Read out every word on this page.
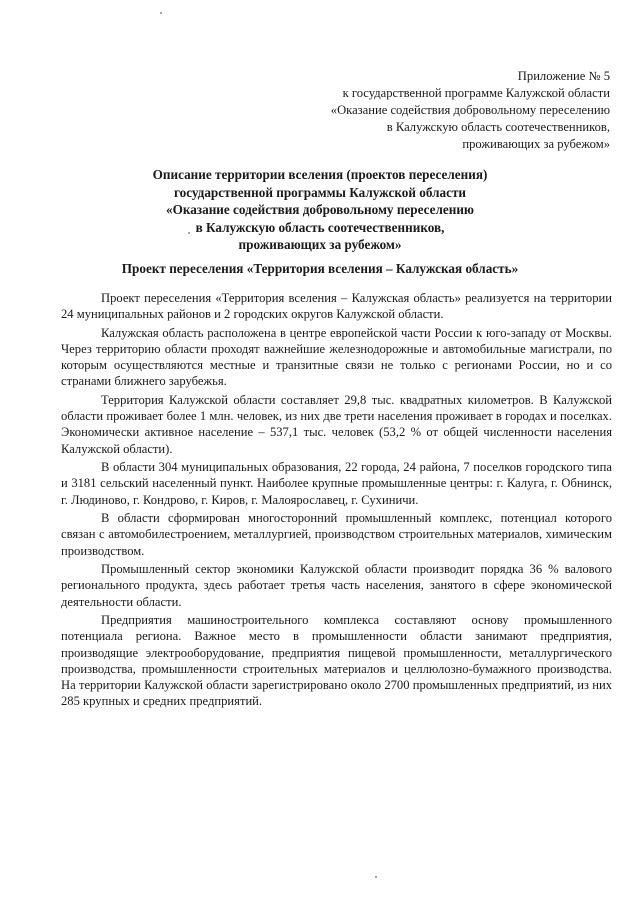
Приложение № 5
к государственной программе Калужской области
«Оказание содействия добровольному переселению
в Калужскую область соотечественников,
проживающих за рубежом»
Описание территории вселения (проектов переселения)
государственной программы Калужской области
«Оказание содействия добровольному переселению
в Калужскую область соотечественников,
проживающих за рубежом»
Проект переселения «Территория вселения – Калужская область»

Проект переселения «Территория вселения – Калужская область» реализуется на территории 24 муниципальных районов и 2 городских округов Калужской области.

Калужская область расположена в центре европейской части России к юго-западу от Москвы. Через территорию области проходят важнейшие железнодорожные и автомобильные магистрали, по которым осуществляются местные и транзитные связи не только с регионами России, но и со странами ближнего зарубежья.

Территория Калужской области составляет 29,8 тыс. квадратных километров. В Калужской области проживает более 1 млн. человек, из них две трети населения проживает в городах и поселках. Экономически активное население – 537,1 тыс. человек (53,2 % от общей численности населения Калужской области).

В области 304 муниципальных образования, 22 города, 24 района, 7 поселков городского типа и 3181 сельский населенный пункт. Наиболее крупные промышленные центры: г. Калуга, г. Обнинск, г. Людиново, г. Кондрово, г. Киров, г. Малоярославец, г. Сухиничи.

В области сформирован многосторонний промышленный комплекс, потенциал которого связан с автомобилестроением, металлургией, производством строительных материалов, химическим производством.

Промышленный сектор экономики Калужской области производит порядка 36 % валового регионального продукта, здесь работает третья часть населения, занятого в сфере экономической деятельности области.

Предприятия машиностроительного комплекса составляют основу промышленного потенциала региона. Важное место в промышленности области занимают предприятия, производящие электрооборудование, предприятия пищевой промышленности, металлургического производства, промышленности строительных материалов и целлюлозно-бумажного производства. На территории Калужской области зарегистрировано около 2700 промышленных предприятий, из них 285 крупных и средних предприятий.
